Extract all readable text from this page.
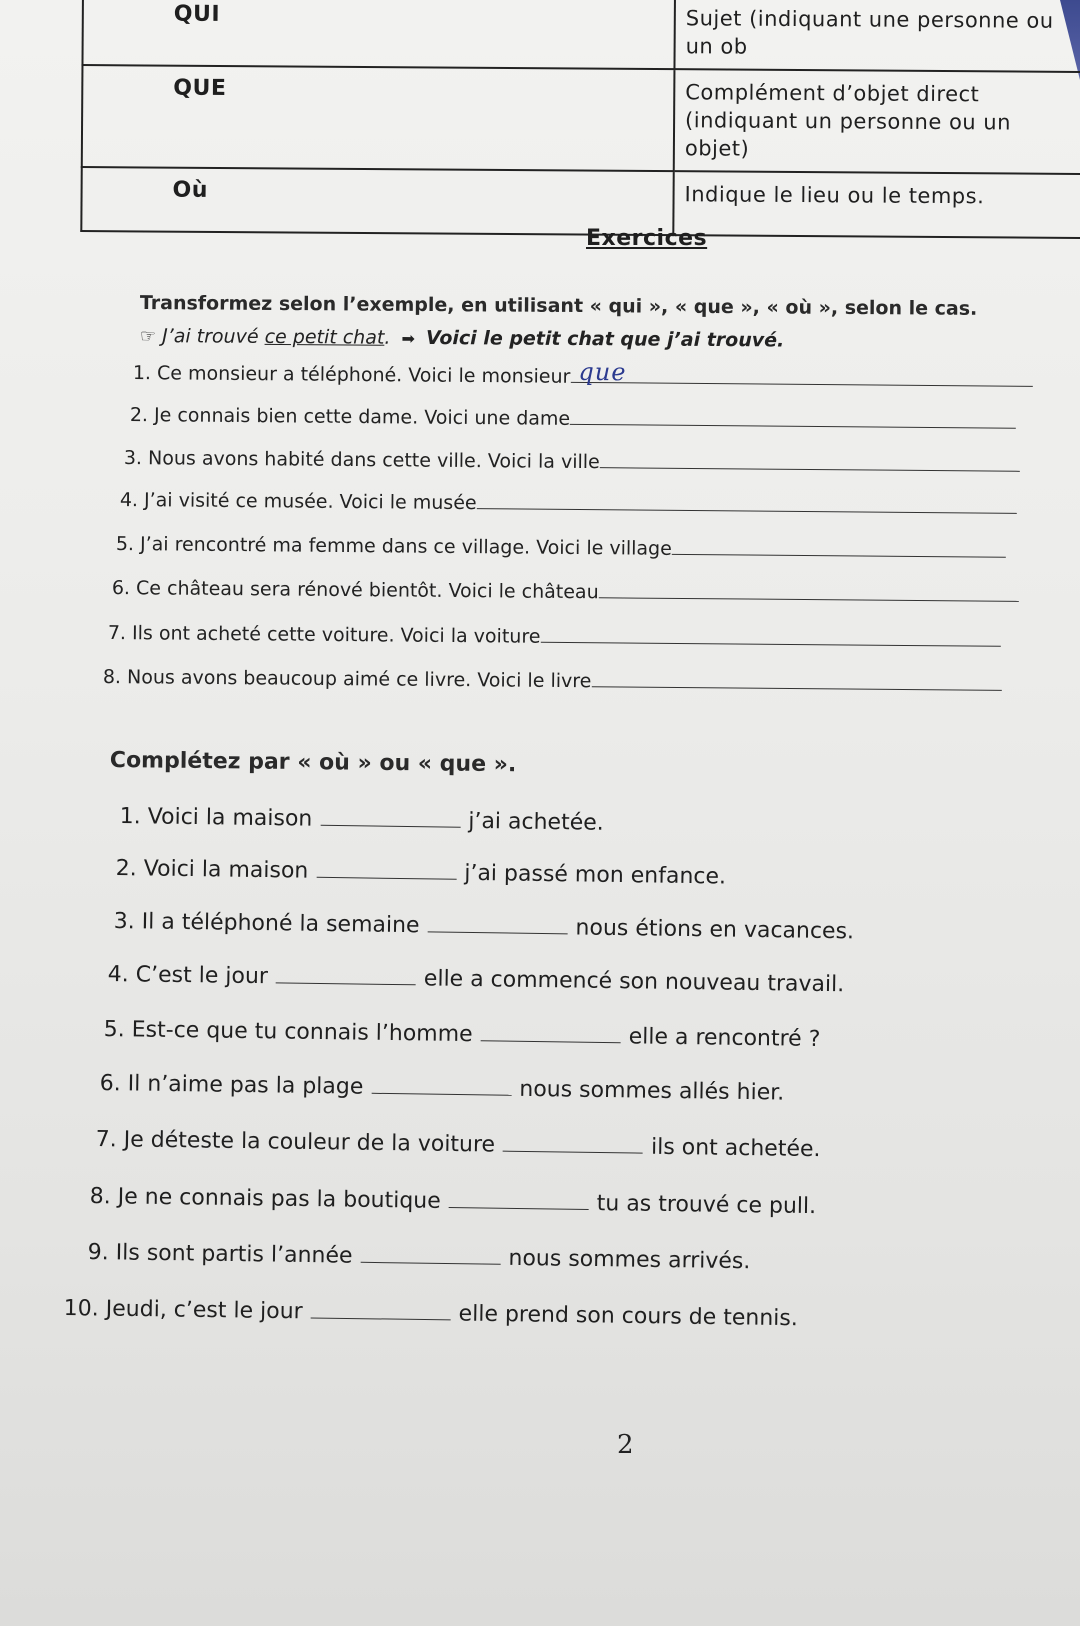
QUI	Sujet (indiquant une personne ou un ob
QUE	Complément d’objet direct (indiquant un personne ou un objet)
Où	Indique le lieu ou le temps.
Exercices
Transformez selon l’exemple, en utilisant « qui », « que », « où », selon le cas.
☞ J’ai trouvé ce petit chat.  ➡  Voici le petit chat que j’ai trouvé.
1. Ce monsieur a téléphoné. Voici le monsieur que
2. Je connais bien cette dame. Voici une dame
3. Nous avons habité dans cette ville. Voici la ville
4. J’ai visité ce musée. Voici le musée
5. J’ai rencontré ma femme dans ce village. Voici le village
6. Ce château sera rénové bientôt. Voici le château
7. Ils ont acheté cette voiture. Voici la voiture
8. Nous avons beaucoup aimé ce livre. Voici le livre
Complétez par « où » ou « que ».
1. Voici la maison	j’ai achetée.
2. Voici la maison	j’ai passé mon enfance.
3. Il a téléphoné la semaine	nous étions en vacances.
4. C’est le jour	elle a commencé son nouveau travail.
5. Est-ce que tu connais l’homme	elle a rencontré ?
6. Il n’aime pas la plage	nous sommes allés hier.
7. Je déteste la couleur de la voiture	ils ont achetée.
8. Je ne connais pas la boutique	tu as trouvé ce pull.
9. Ils sont partis l’année	nous sommes arrivés.
10. Jeudi, c’est le jour	elle prend son cours de tennis.
2
